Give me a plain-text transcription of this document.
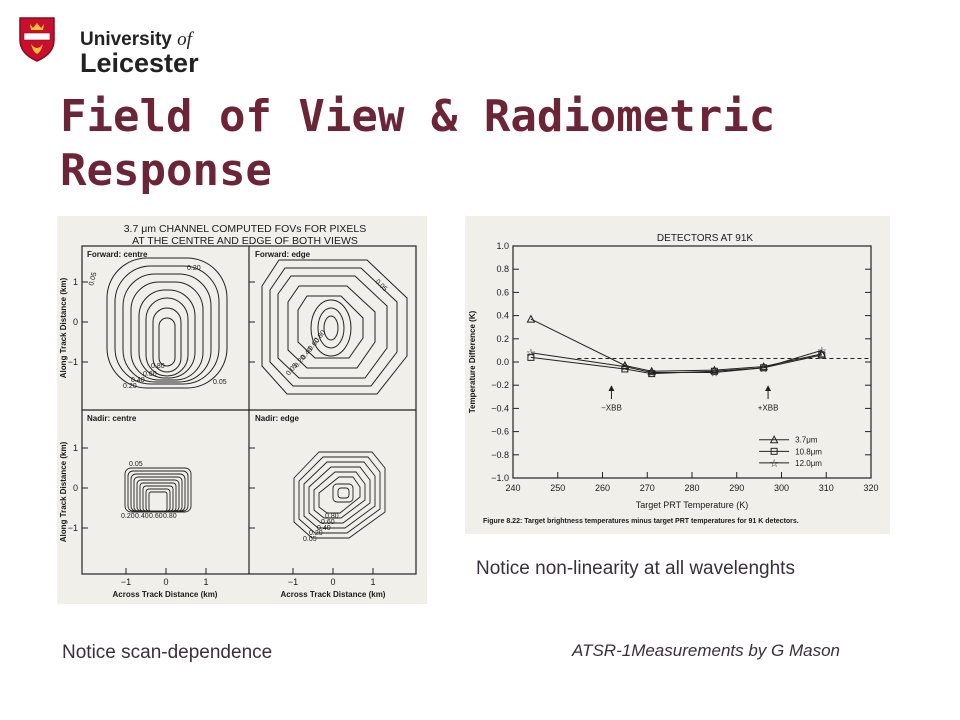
University of
Leicester
Field of View & Radiometric Response
3.7 μm CHANNEL COMPUTED FOVs FOR PIXELS
AT THE CENTRE AND EDGE OF BOTH VIEWS
Forward: centre	Forward: edge
Nadir: centre	Nadir: edge
0.05
0.20
0.20
0.40
0.60
0.80
0.05
0.05
0.20
0.40
0.60
0.80
0.05
0.05
0.20 0.40 0.60 0.80	0.80
0.60
0.40
0.20
0.05
1
0
−1
1
0
−1
Along Track Distance (km)
Along Track Distance (km)
−1	0	1	−1	0	1
Across Track Distance (km)	Across Track Distance (km)
DETECTORS AT 91K
1.0
0.8
0.6
0.4
0.2
0.0
−0.2
−0.4
−0.6
−0.8
−1.0
240	250	260	270	280	290	300	310	320
☆
☆ ☆	☆	☆
☆
−XBB	+XBB
3.7μm
10.8μm
☆ 12.0μm
Temperature Difference (K)
Target PRT Temperature (K)
Figure 8.22: Target brightness temperatures minus target PRT temperatures for 91 K detectors.
Notice non-linearity at all wavelenghts
Notice scan-dependence	ATSR-1Measurements by G Mason
